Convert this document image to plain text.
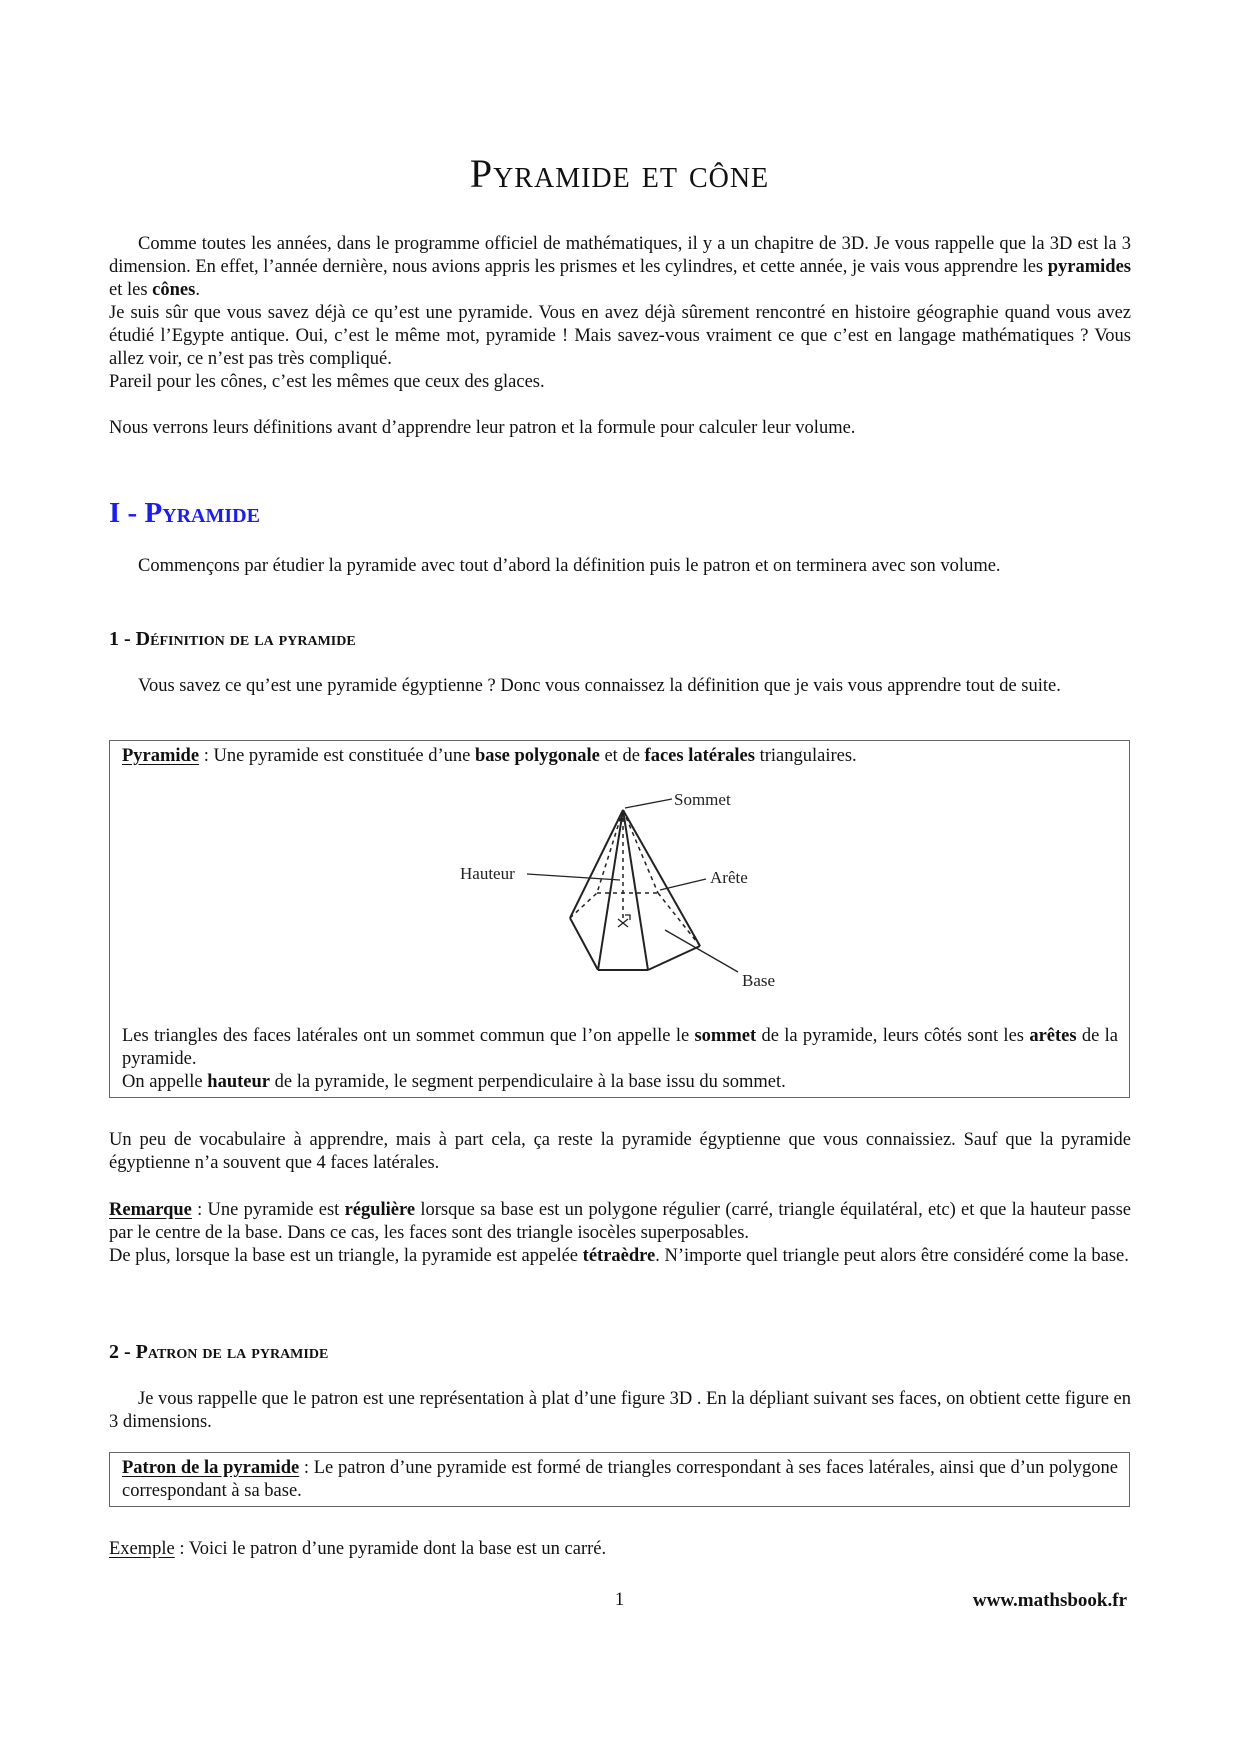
Pyramide et cône

Comme toutes les années, dans le programme officiel de mathématiques, il y a un chapitre de 3D. Je vous rappelle que la 3D est la 3 dimension. En effet, l’année dernière, nous avions appris les prismes et les cylindres, et cette année, je vais vous apprendre les pyramides et les cônes.

Je suis sûr que vous savez déjà ce qu’est une pyramide. Vous en avez déjà sûrement rencontré en histoire géographie quand vous avez étudié l’Egypte antique. Oui, c’est le même mot, pyramide ! Mais savez-vous vraiment ce que c’est en langage mathématiques ? Vous allez voir, ce n’est pas très compliqué.

Pareil pour les cônes, c’est les mêmes que ceux des glaces.

Nous verrons leurs définitions avant d’apprendre leur patron et la formule pour calculer leur volume.

I - Pyramide

Commençons par étudier la pyramide avec tout d’abord la définition puis le patron et on terminera avec son volume.

1 - Définition de la pyramide

Vous savez ce qu’est une pyramide égyptienne ? Donc vous connaissez la définition que je vais vous apprendre tout de suite.

Pyramide : Une pyramide est constituée d’une base polygonale et de faces latérales triangulaires.

Les triangles des faces latérales ont un sommet commun que l’on appelle le sommet de la pyramide, leurs côtés sont les arêtes de la pyramide.

On appelle hauteur de la pyramide, le segment perpendiculaire à la base issu du sommet.

Sommet
Hauteur	Arête
Base

Un peu de vocabulaire à apprendre, mais à part cela, ça reste la pyramide égyptienne que vous connaissiez. Sauf que la pyramide égyptienne n’a souvent que 4 faces latérales.

Remarque : Une pyramide est régulière lorsque sa base est un polygone régulier (carré, triangle équilatéral, etc) et que la hauteur passe par le centre de la base. Dans ce cas, les faces sont des triangle isocèles superposables.

De plus, lorsque la base est un triangle, la pyramide est appelée tétraèdre. N’importe quel triangle peut alors être considéré come la base.

2 - Patron de la pyramide

Je vous rappelle que le patron est une représentation à plat d’une figure 3D . En la dépliant suivant ses faces, on obtient cette figure en 3 dimensions.

Patron de la pyramide : Le patron d’une pyramide est formé de triangles correspondant à ses faces latérales, ainsi que d’un polygone correspondant à sa base.

Exemple : Voici le patron d’une pyramide dont la base est un carré.

1	www.mathsbook.fr
